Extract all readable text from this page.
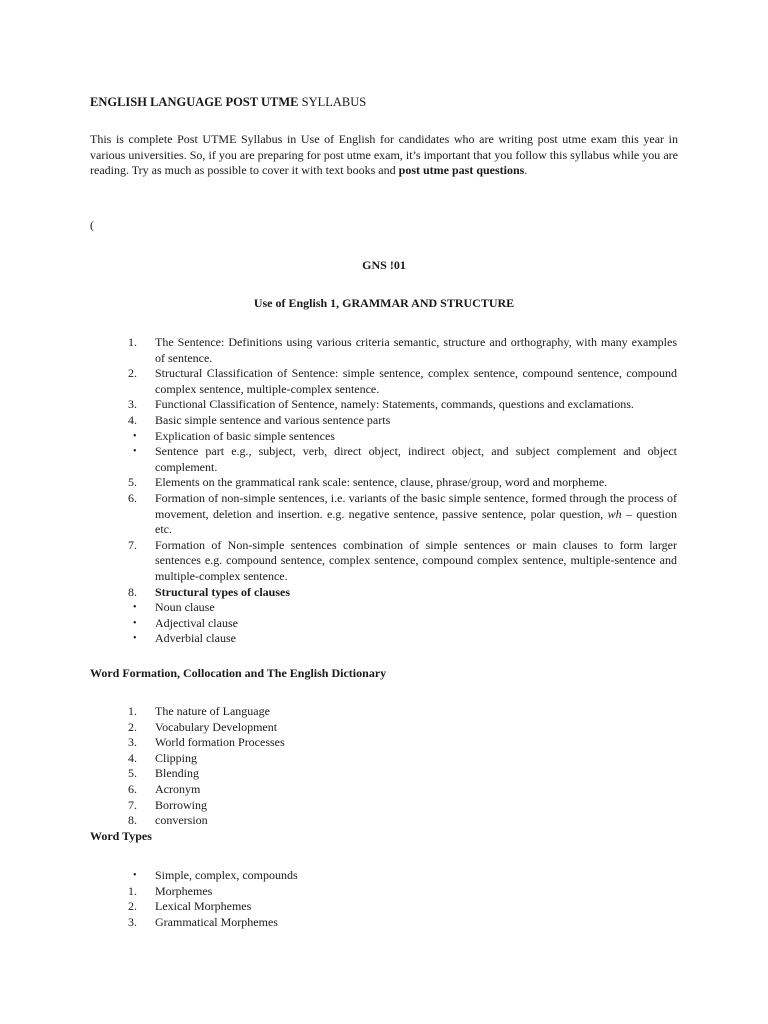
ENGLISH LANGUAGE POST UTME SYLLABUS
This is complete Post UTME Syllabus in Use of English for candidates who are writing post utme exam this year in various universities. So, if you are preparing for post utme exam, it’s important that you follow this syllabus while you are reading. Try as much as possible to cover it with text books and post utme past questions.
(
GNS !01
Use of English 1, GRAMMAR AND STRUCTURE
1.	The Sentence: Definitions using various criteria semantic, structure and orthography, with many examples of sentence.
2.	Structural Classification of Sentence: simple sentence, complex sentence, compound sentence, compound complex sentence, multiple-complex sentence.
3.	Functional Classification of Sentence, namely: Statements, commands, questions and exclamations.
4.	Basic simple sentence and various sentence parts
•	Explication of basic simple sentences
•	Sentence part e.g., subject, verb, direct object, indirect object, and subject complement and object complement.
5.	Elements on the grammatical rank scale: sentence, clause, phrase/group, word and morpheme.
6.	Formation of non-simple sentences, i.e. variants of the basic simple sentence, formed through the process of movement, deletion and insertion. e.g. negative sentence, passive sentence, polar question, wh – question etc.
7.	Formation of Non-simple sentences combination of simple sentences or main clauses to form larger sentences e.g. compound sentence, complex sentence, compound complex sentence, multiple-sentence and multiple-complex sentence.
8.	Structural types of clauses
•	Noun clause
•	Adjectival clause
•	Adverbial clause
Word Formation, Collocation and The English Dictionary
1.	The nature of Language
2.	Vocabulary Development
3.	World formation Processes
4.	Clipping
5.	Blending
6.	Acronym
7.	Borrowing
8.	conversion
Word Types
•	Simple, complex, compounds
1.	Morphemes
2.	Lexical Morphemes
3.	Grammatical Morphemes
